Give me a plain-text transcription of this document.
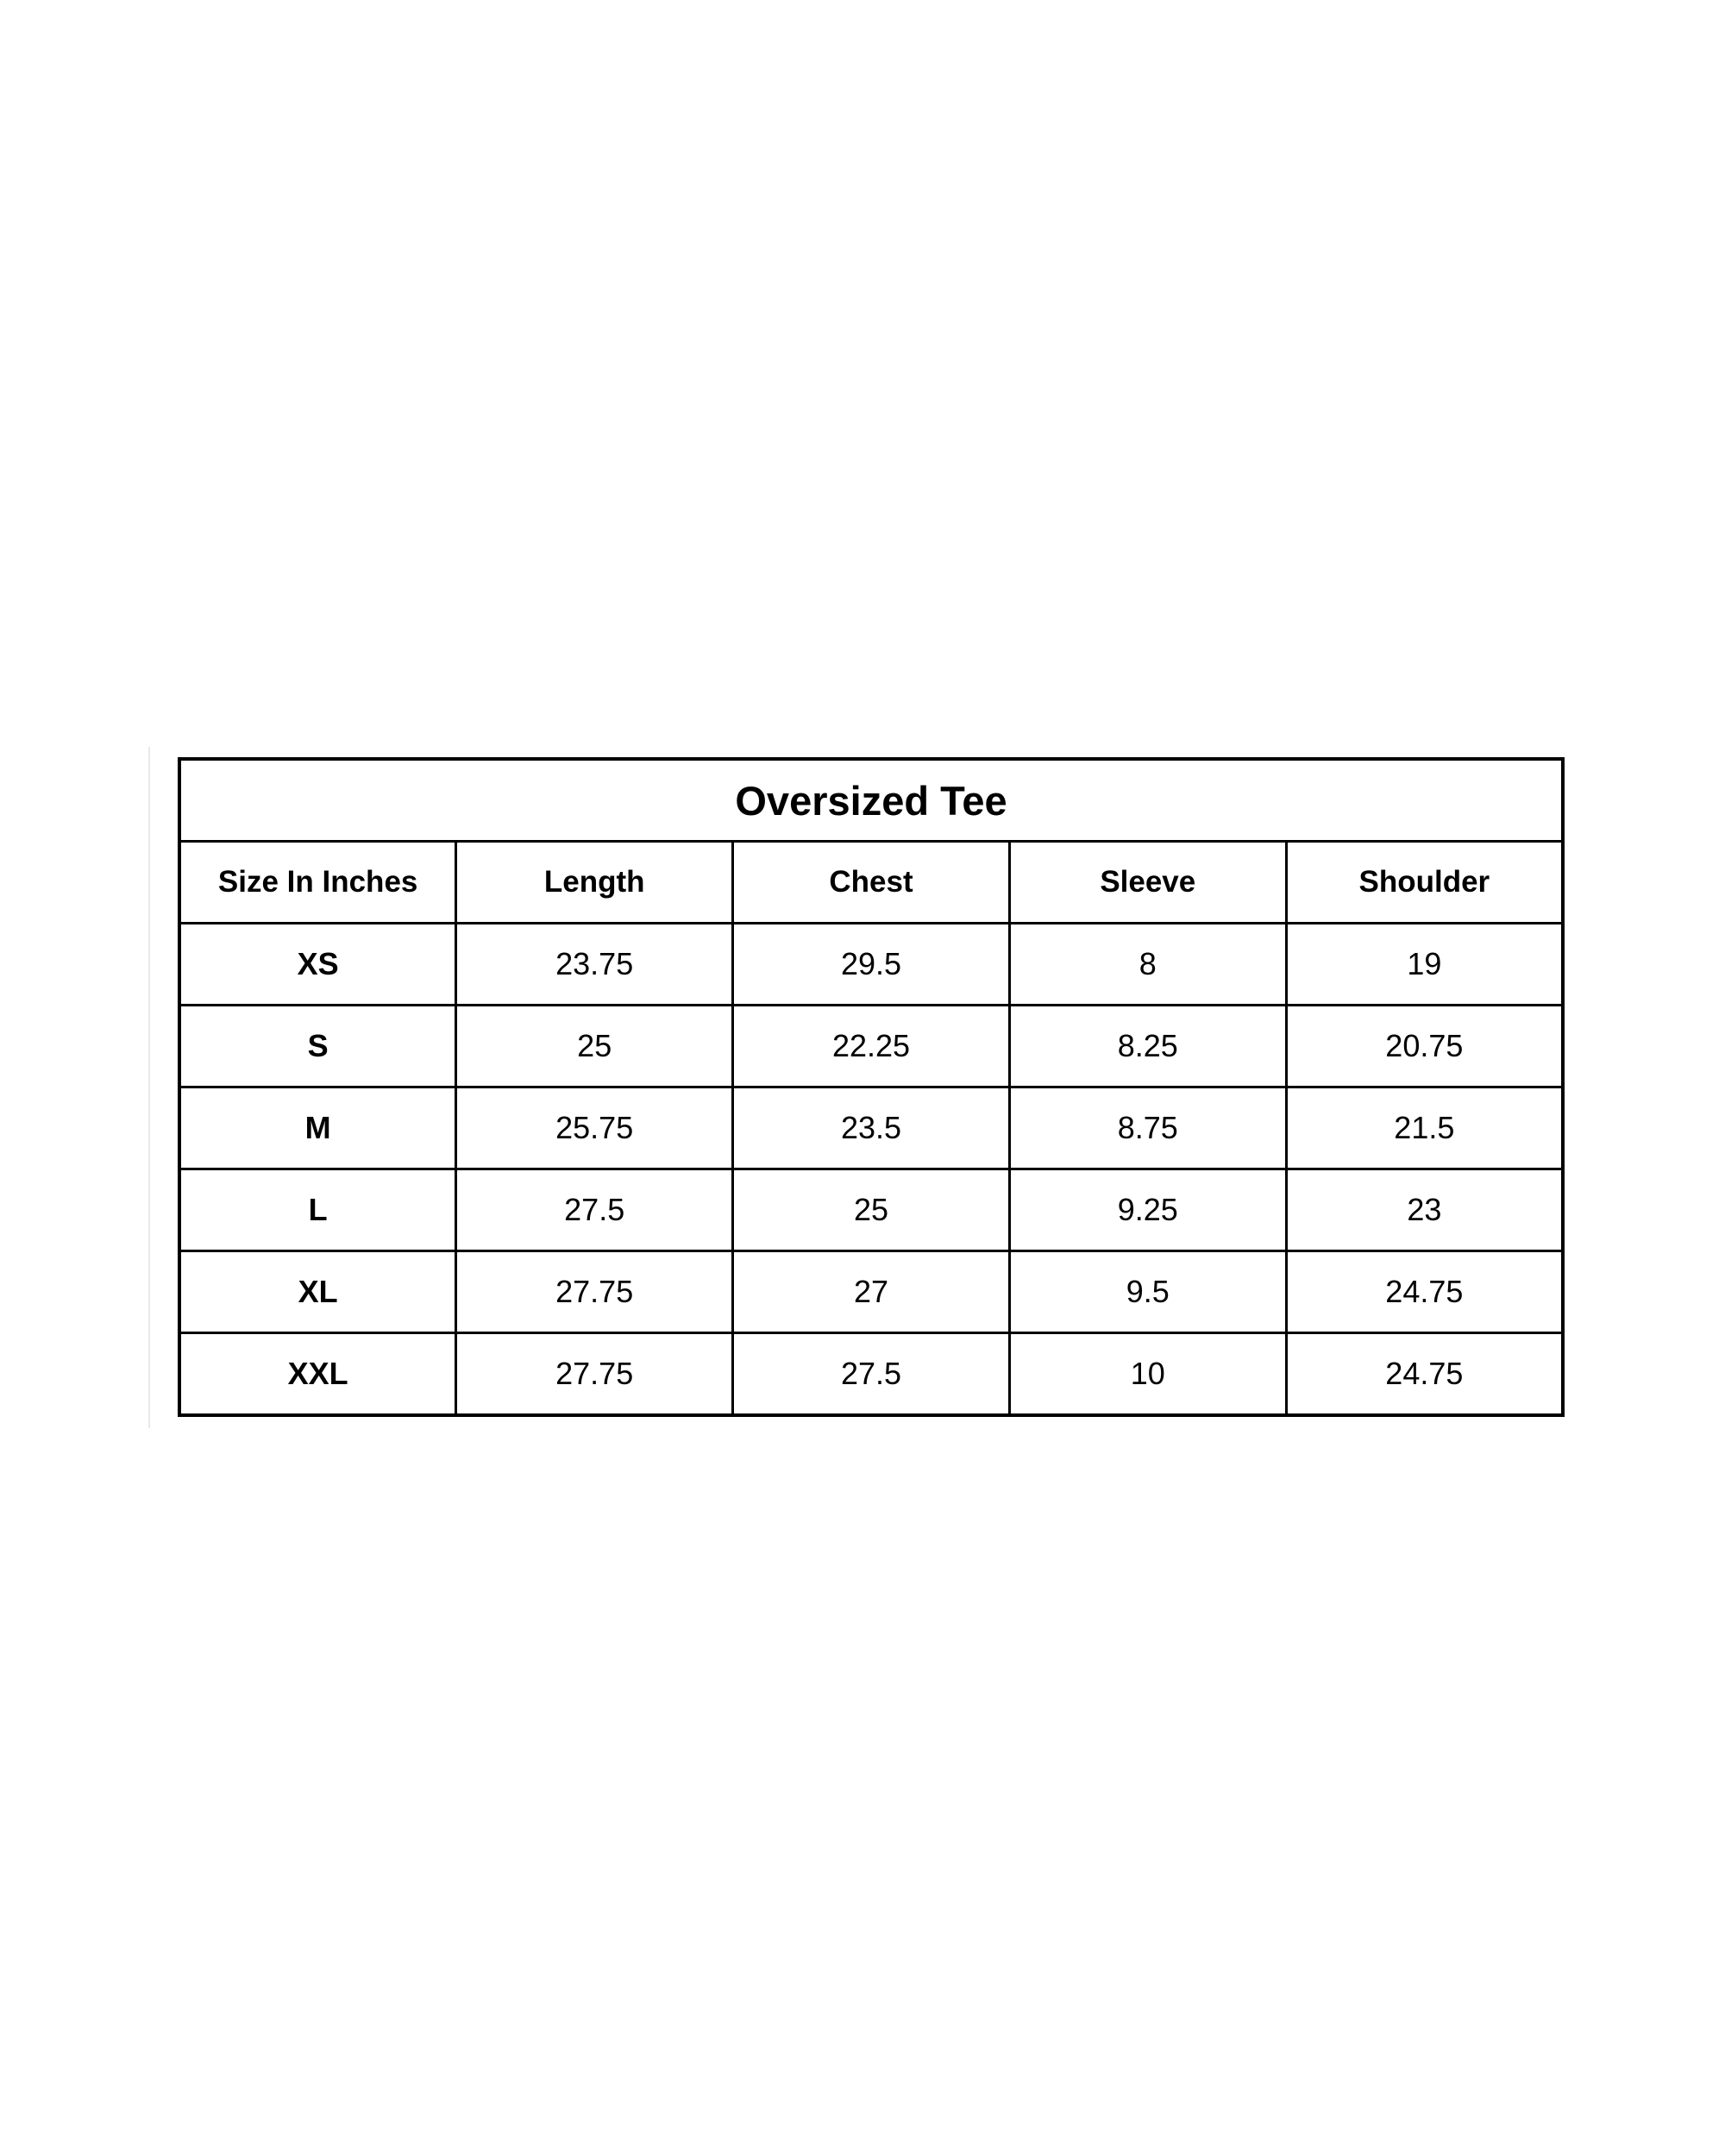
Oversized Tee				
Size In Inches	Length	Chest	Sleeve	Shoulder
XS	23.75	29.5	8	19
S	25	22.25	8.25	20.75
M	25.75	23.5	8.75	21.5
L	27.5	25	9.25	23
XL	27.75	27	9.5	24.75
XXL	27.75	27.5	10	24.75
